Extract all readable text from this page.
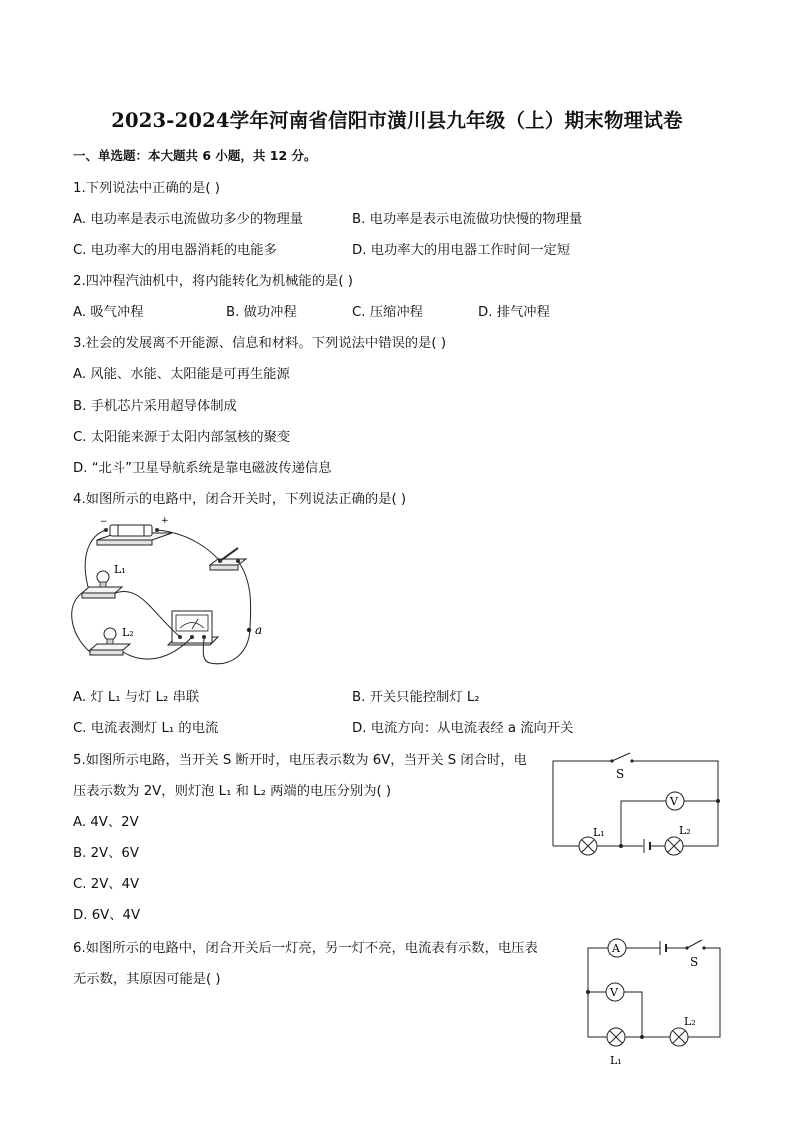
2023-2024学年河南省信阳市潢川县九年级（上）期末物理试卷
一、单选题：本大题共 6 小题，共 12 分。
1.下列说法中正确的是( )
A. 电功率是表示电流做功多少的物理量	B. 电功率是表示电流做功快慢的物理量
C. 电功率大的用电器消耗的电能多	D. 电功率大的用电器工作时间一定短
2.四冲程汽油机中，将内能转化为机械能的是( )
A. 吸气冲程	B. 做功冲程	C. 压缩冲程	D. 排气冲程
3.社会的发展离不开能源、信息和材料。下列说法中错误的是( )
A. 风能、水能、太阳能是可再生能源
B. 手机芯片采用超导体制成
C. 太阳能来源于太阳内部氢核的聚变
D. “北斗”卫星导航系统是靠电磁波传递信息
4.如图所示的电路中，闭合开关时，下列说法正确的是( )
−	+
L₁
L₂	a
A. 灯 L₁ 与灯 L₂ 串联	B. 开关只能控制灯 L₂
C. 电流表测灯 L₁ 的电流	D. 电流方向：从电流表经 a 流向开关
5.如图所示电路，当开关 S 断开时，电压表示数为 6V，当开关 S 闭合时，电
压表示数为 2V，则灯泡 L₁ 和 L₂ 两端的电压分别为( )
A. 4V、2V
B. 2V、6V
C. 2V、4V
D. 6V、4V
S
V
L₁	L₂
6.如图所示的电路中，闭合开关后一灯亮，另一灯不亮，电流表有示数，电压表
无示数，其原因可能是( )
A
S
V
L₁
L₂
